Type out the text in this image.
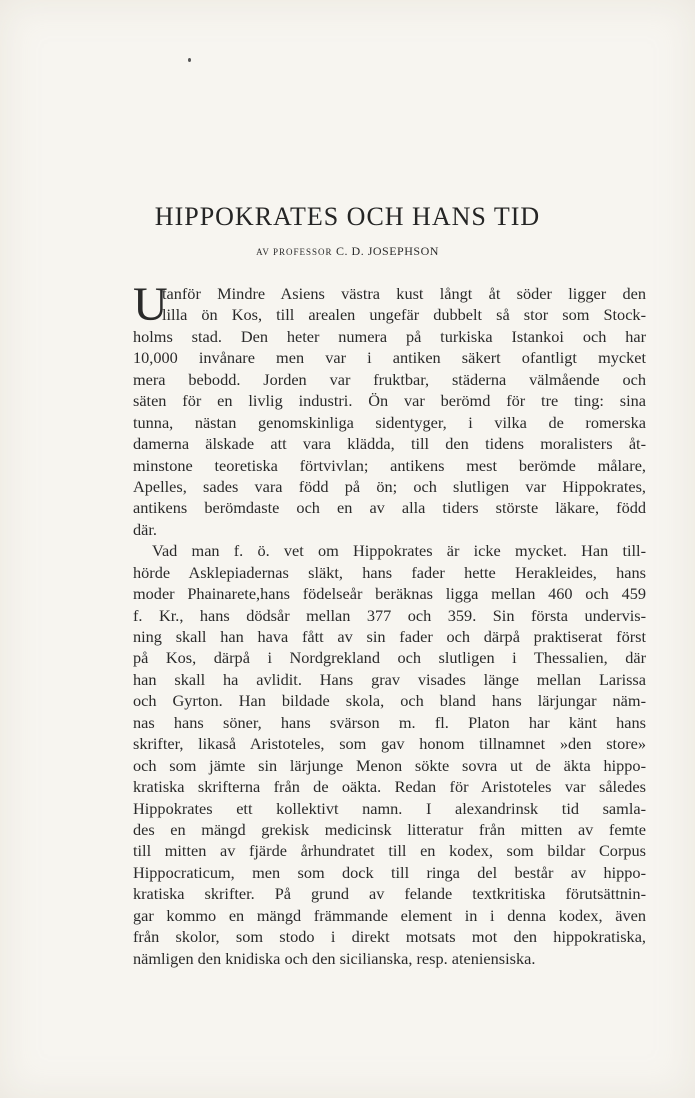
HIPPOKRATES OCH HANS TID
AV PROFESSOR C. D. JOSEPHSON
U
tanför Mindre Asiens västra kust långt åt söder ligger den
lilla ön Kos, till arealen ungefär dubbelt så stor som Stock-
holms stad. Den heter numera på turkiska Istankoi och har
10,000 invånare men var i antiken säkert ofantligt mycket
mera bebodd. Jorden var fruktbar, städerna välmående och
säten för en livlig industri. Ön var berömd för tre ting: sina
tunna, nästan genomskinliga sidentyger, i vilka de romerska
damerna älskade att vara klädda, till den tidens moralisters åt-
minstone teoretiska förtvivlan; antikens mest berömde målare,
Apelles, sades vara född på ön; och slutligen var Hippokrates,
antikens berömdaste och en av alla tiders störste läkare, född
där.
Vad man f. ö. vet om Hippokrates är icke mycket. Han till-
hörde Asklepiadernas släkt, hans fader hette Herakleides, hans
moder Phainarete,hans födelseår beräknas ligga mellan 460 och 459
f. Kr., hans dödsår mellan 377 och 359. Sin första undervis-
ning skall han hava fått av sin fader och därpå praktiserat först
på Kos, därpå i Nordgrekland och slutligen i Thessalien, där
han skall ha avlidit. Hans grav visades länge mellan Larissa
och Gyrton. Han bildade skola, och bland hans lärjungar näm-
nas hans söner, hans svärson m. fl. Platon har känt hans
skrifter, likaså Aristoteles, som gav honom tillnamnet »den store»
och som jämte sin lärjunge Menon sökte sovra ut de äkta hippo-
kratiska skrifterna från de oäkta. Redan för Aristoteles var således
Hippokrates ett kollektivt namn. I alexandrinsk tid samla-
des en mängd grekisk medicinsk litteratur från mitten av femte
till mitten av fjärde århundratet till en kodex, som bildar Corpus
Hippocraticum, men som dock till ringa del består av hippo-
kratiska skrifter. På grund av felande textkritiska förutsättnin-
gar kommo en mängd främmande element in i denna kodex, även
från skolor, som stodo i direkt motsats mot den hippokratiska,
nämligen den knidiska och den sicilianska, resp. ateniensiska.
